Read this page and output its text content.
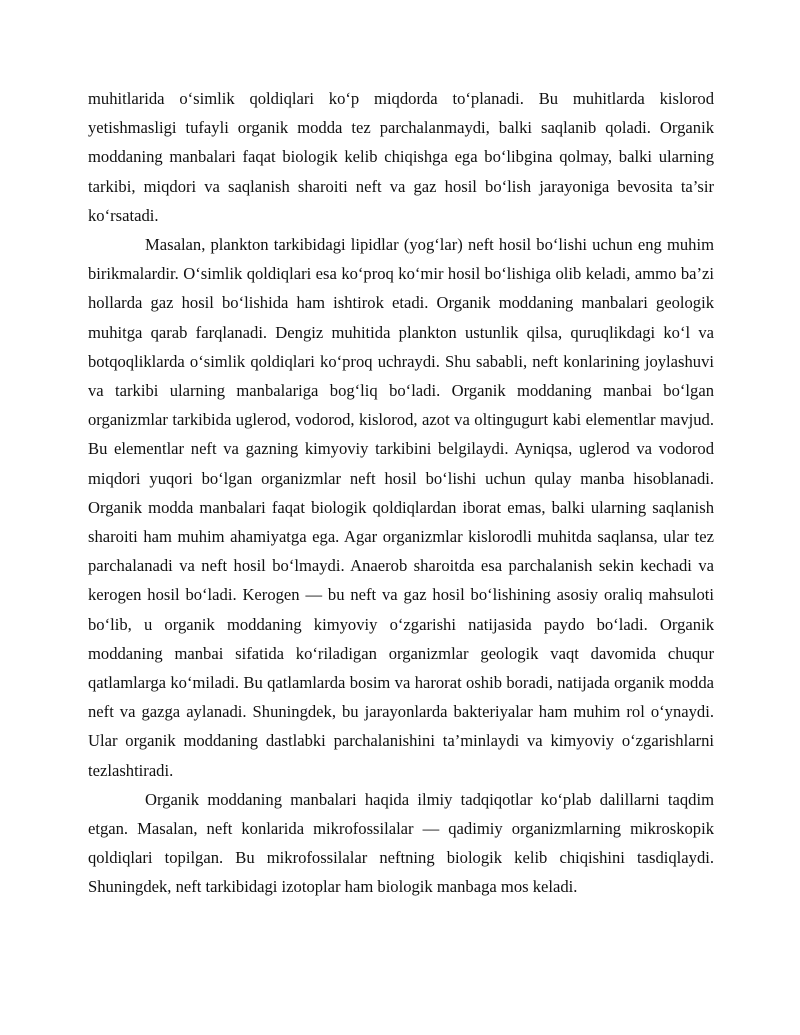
muhitlarida o‘simlik qoldiqlari ko‘p miqdorda to‘planadi. Bu muhitlarda kislorod yetishmasligi tufayli organik modda tez parchalanmaydi, balki saqlanib qoladi. Organik moddaning manbalari faqat biologik kelib chiqishga ega bo‘libgina qolmay, balki ularning tarkibi, miqdori va saqlanish sharoiti neft va gaz hosil bo‘lish jarayoniga bevosita ta’sir ko‘rsatadi.

Masalan, plankton tarkibidagi lipidlar (yog‘lar) neft hosil bo‘lishi uchun eng muhim birikmalardir. O‘simlik qoldiqlari esa ko‘proq ko‘mir hosil bo‘lishiga olib keladi, ammo ba’zi hollarda gaz hosil bo‘lishida ham ishtirok etadi. Organik moddaning manbalari geologik muhitga qarab farqlanadi. Dengiz muhitida plankton ustunlik qilsa, quruqlikdagi ko‘l va botqoqliklarda o‘simlik qoldiqlari ko‘proq uchraydi. Shu sababli, neft konlarining joylashuvi va tarkibi ularning manbalariga bog‘liq bo‘ladi. Organik moddaning manbai bo‘lgan organizmlar tarkibida uglerod, vodorod, kislorod, azot va oltingugurt kabi elementlar mavjud. Bu elementlar neft va gazning kimyoviy tarkibini belgilaydi. Ayniqsa, uglerod va vodorod miqdori yuqori bo‘lgan organizmlar neft hosil bo‘lishi uchun qulay manba hisoblanadi. Organik modda manbalari faqat biologik qoldiqlardan iborat emas, balki ularning saqlanish sharoiti ham muhim ahamiyatga ega. Agar organizmlar kislorodli muhitda saqlansa, ular tez parchalanadi va neft hosil bo‘lmaydi. Anaerob sharoitda esa parchalanish sekin kechadi va kerogen hosil bo‘ladi. Kerogen — bu neft va gaz hosil bo‘lishining asosiy oraliq mahsuloti bo‘lib, u organik moddaning kimyoviy o‘zgarishi natijasida paydo bo‘ladi. Organik moddaning manbai sifatida ko‘riladigan organizmlar geologik vaqt davomida chuqur qatlamlarga ko‘miladi. Bu qatlamlarda bosim va harorat oshib boradi, natijada organik modda neft va gazga aylanadi. Shuningdek, bu jarayonlarda bakteriyalar ham muhim rol o‘ynaydi. Ular organik moddaning dastlabki parchalanishini ta’minlaydi va kimyoviy o‘zgarishlarni tezlashtiradi.

Organik moddaning manbalari haqida ilmiy tadqiqotlar ko‘plab dalillarni taqdim etgan. Masalan, neft konlarida mikrofossilalar — qadimiy organizmlarning mikroskopik qoldiqlari topilgan. Bu mikrofossilalar neftning biologik kelib chiqishini tasdiqlaydi. Shuningdek, neft tarkibidagi izotoplar ham biologik manbaga mos keladi.
